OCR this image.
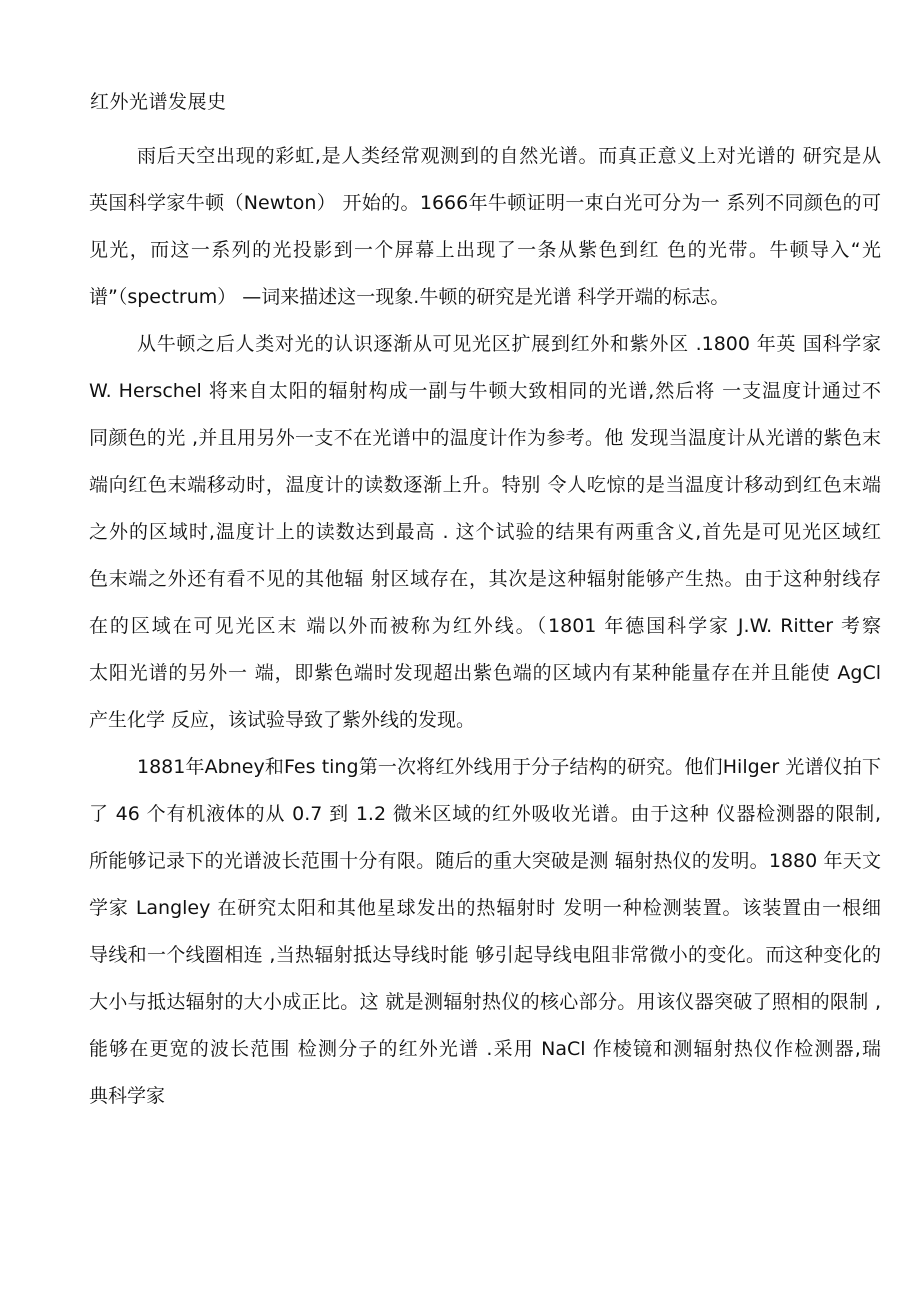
红外光谱发展史
雨后天空出现的彩虹,是人类经常观测到的自然光谱。而真正意义上对光谱的 研究是从
英国科学家牛顿（Newton） 开始的。1666年牛顿证明一束白光可分为一 系列不同颜色的可
见光，而这一系列的光投影到一个屏幕上出现了一条从紫色到红 色的光带。牛顿导入“光
谱”（spectrum） —词来描述这一现象.牛顿的研究是光谱 科学开端的标志。
从牛顿之后人类对光的认识逐渐从可见光区扩展到红外和紫外区 .1800 年英 国科学家
W. Herschel 将来自太阳的辐射构成一副与牛顿大致相同的光谱,然后将 一支温度计通过不
同颜色的光 ,并且用另外一支不在光谱中的温度计作为参考。他 发现当温度计从光谱的紫色末
端向红色末端移动时，温度计的读数逐渐上升。特别 令人吃惊的是当温度计移动到红色末端
之外的区域时,温度计上的读数达到最高 . 这个试验的结果有两重含义,首先是可见光区域红
色末端之外还有看不见的其他辐 射区域存在，其次是这种辐射能够产生热。由于这种射线存
在的区域在可见光区末 端以外而被称为红外线。（1801 年德国科学家 J.W. Ritter 考察
太阳光谱的另外一 端，即紫色端时发现超出紫色端的区域内有某种能量存在并且能使 AgCl
产生化学 反应，该试验导致了紫外线的发现。
1881年Abney和Fes ting第一次将红外线用于分子结构的研究。他们Hilger 光谱仪拍下
了 46 个有机液体的从 0.7 到 1.2 微米区域的红外吸收光谱。由于这种 仪器检测器的限制,
所能够记录下的光谱波长范围十分有限。随后的重大突破是测 辐射热仪的发明。1880 年天文
学家 Langley 在研究太阳和其他星球发出的热辐射时 发明一种检测装置。该装置由一根细
导线和一个线圈相连 ,当热辐射抵达导线时能 够引起导线电阻非常微小的变化。而这种变化的
大小与抵达辐射的大小成正比。这 就是测辐射热仪的核心部分。用该仪器突破了照相的限制 ,
能够在更宽的波长范围 检测分子的红外光谱 .采用 NaCl 作棱镜和测辐射热仪作检测器,瑞
典科学家
